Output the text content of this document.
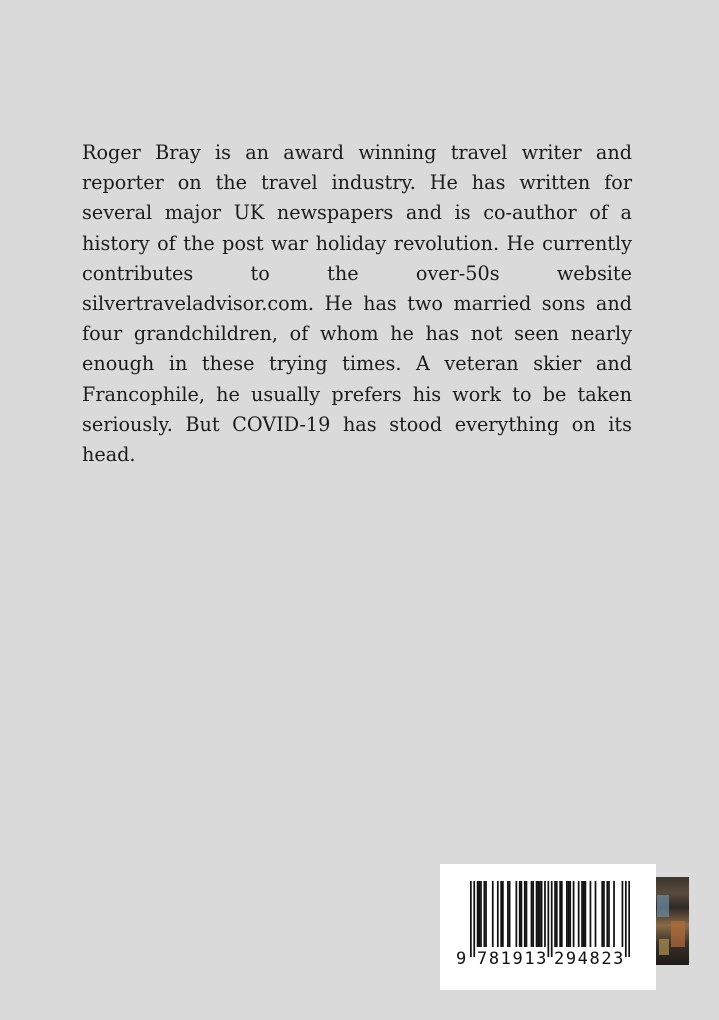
Roger Bray is an award winning travel writer and reporter on the travel industry. He has written for several major UK newspapers and is co-author of a history of the post war holiday revolution. He currently contributes to the over-50s website silvertraveladvisor.com. He has two married sons and four grandchildren, of whom he has not seen nearly enough in these trying times. A veteran skier and Francophile, he usually prefers his work to be taken seriously. But COVID-19 has stood everything on its head.

9 781913 294823
